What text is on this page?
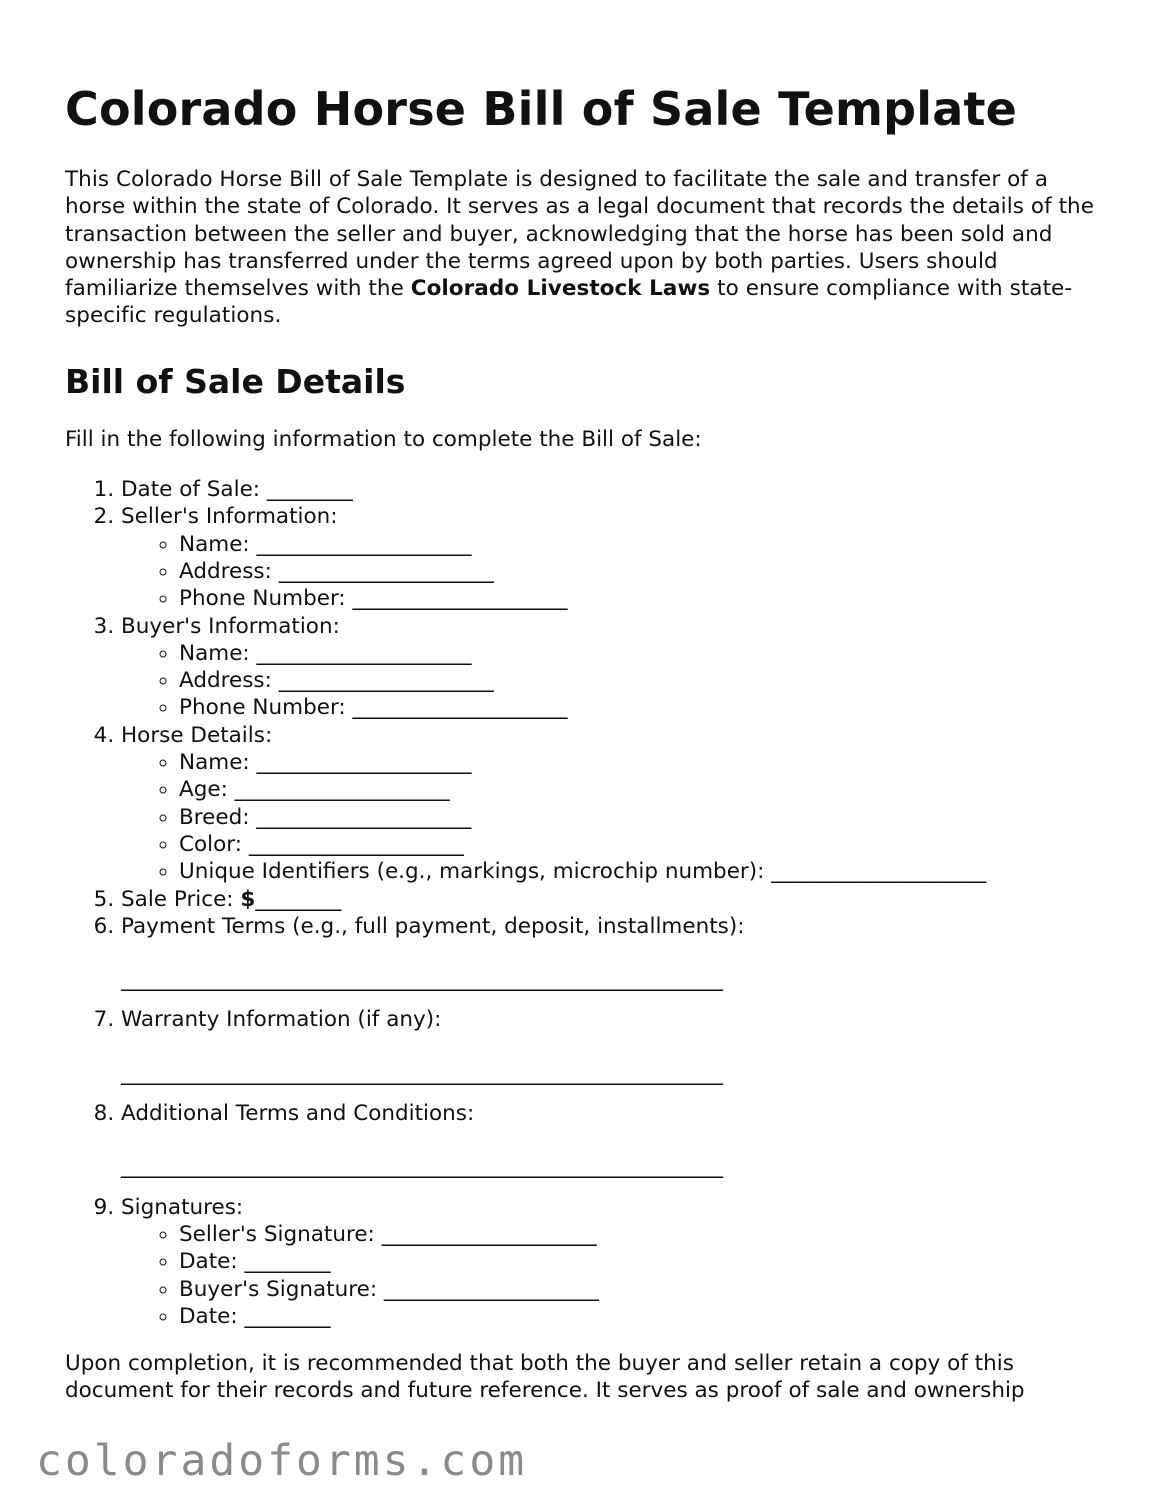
Colorado Horse Bill of Sale Template

This Colorado Horse Bill of Sale Template is designed to facilitate the sale and transfer of a horse within the state of Colorado. It serves as a legal document that records the details of the transaction between the seller and buyer, acknowledging that the horse has been sold and ownership has transferred under the terms agreed upon by both parties. Users should familiarize themselves with the Colorado Livestock Laws to ensure compliance with state-specific regulations.

Bill of Sale Details

Fill in the following information to complete the Bill of Sale:

1. Date of Sale: ________
2. Seller's Information:
◦ Name: ____________________
◦ Address: ____________________
◦ Phone Number: ____________________
3. Buyer's Information:
◦ Name: ____________________
◦ Address: ____________________
◦ Phone Number: ____________________
4. Horse Details:
◦ Name: ____________________
◦ Age: ____________________
◦ Breed: ____________________
◦ Color: ____________________
◦ Unique Identifiers (e.g., markings, microchip number): ____________________
5. Sale Price: $________
6. Payment Terms (e.g., full payment, deposit, installments):
________________________________________________________
7. Warranty Information (if any):
________________________________________________________
8. Additional Terms and Conditions:
________________________________________________________
9. Signatures:
◦ Seller's Signature: ____________________
◦ Date: ________
◦ Buyer's Signature: ____________________
◦ Date: ________

Upon completion, it is recommended that both the buyer and seller retain a copy of this document for their records and future reference. It serves as proof of sale and ownership

coloradoforms.com
